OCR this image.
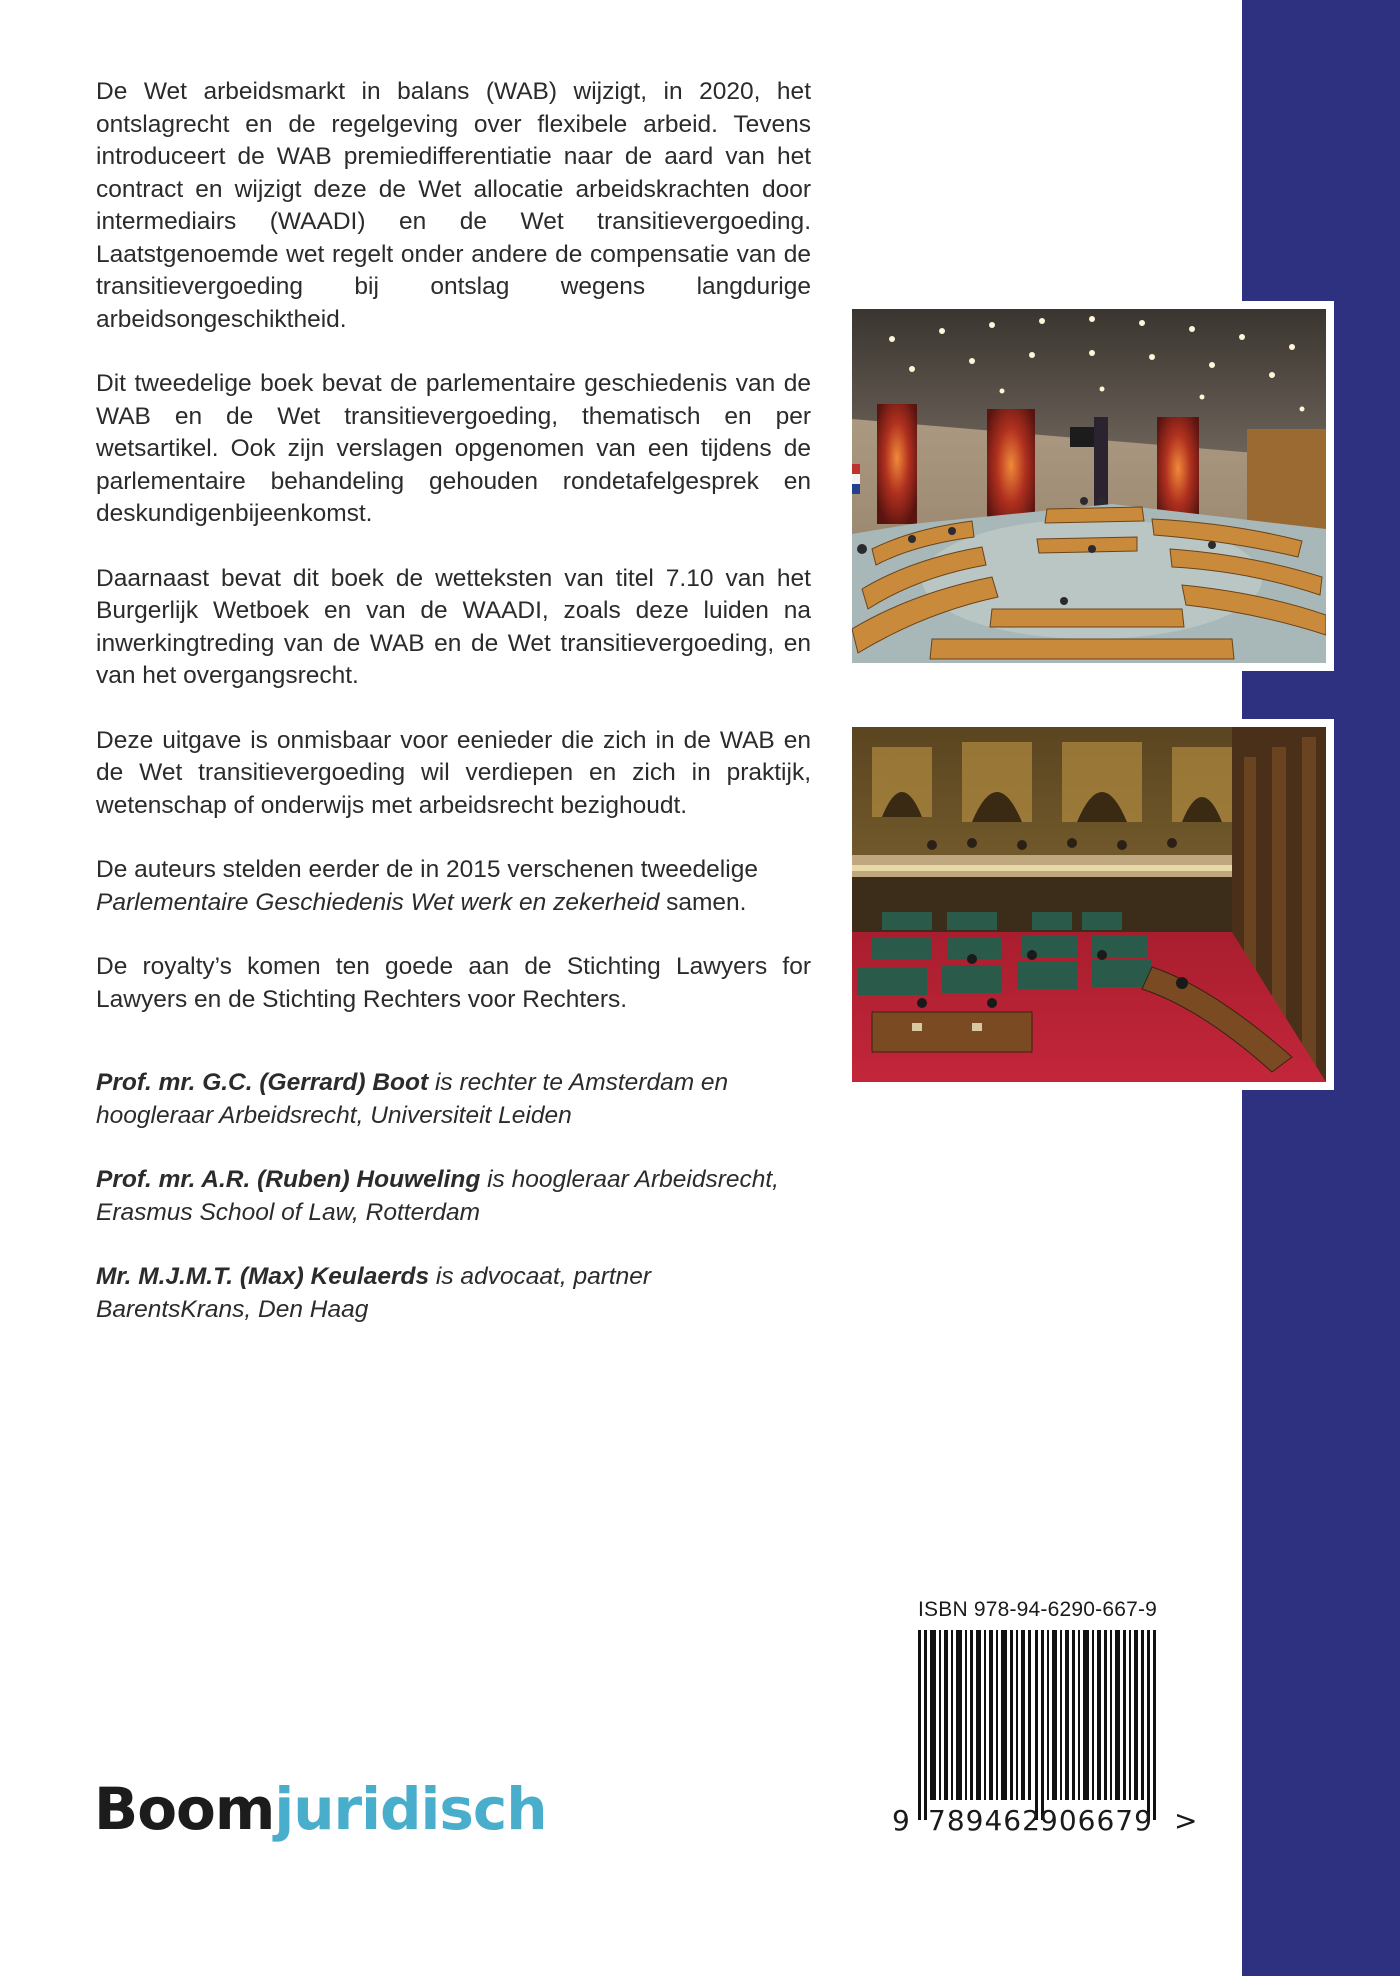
De Wet arbeidsmarkt in balans (WAB) wijzigt, in 2020, het ontslagrecht en de regelgeving over flexibele arbeid. Tevens introduceert de WAB premiedifferentiatie naar de aard van het contract en wijzigt deze de Wet allocatie arbeidskrachten door intermediairs (WAADI) en de Wet transitievergoeding. Laatstgenoemde wet regelt onder andere de compensatie van de transitievergoeding bij ontslag wegens langdurige arbeidsongeschiktheid.

Dit tweedelige boek bevat de parlementaire geschiedenis van de WAB en de Wet transitievergoeding, thematisch en per wetsartikel. Ook zijn verslagen opgenomen van een tijdens de parlementaire behandeling gehouden rondetafelgesprek en deskundigenbijeenkomst.

Daarnaast bevat dit boek de wetteksten van titel 7.10 van het Burgerlijk Wetboek en van de WAADI, zoals deze luiden na inwerkingtreding van de WAB en de Wet transitievergoeding, en van het overgangsrecht.

Deze uitgave is onmisbaar voor eenieder die zich in de WAB en de Wet transitievergoeding wil verdiepen en zich in praktijk, wetenschap of onderwijs met arbeidsrecht bezighoudt.

De auteurs stelden eerder de in 2015 verschenen tweedelige Parlementaire Geschiedenis Wet werk en zekerheid samen.

De royalty’s komen ten goede aan de Stichting Lawyers for Lawyers en de Stichting Rechters voor Rechters.

Prof. mr. G.C. (Gerrard) Boot is rechter te Amsterdam en hoogleraar Arbeidsrecht, Universiteit Leiden
Prof. mr. A.R. (Ruben) Houweling is hoogleraar Arbeidsrecht, Erasmus School of Law, Rotterdam
Mr. M.J.M.T. (Max) Keulaerds is advocaat, partner BarentsKrans, Den Haag
ISBN 978-94-6290-667-9
9 789462 906679 >
Boomjuridisch
